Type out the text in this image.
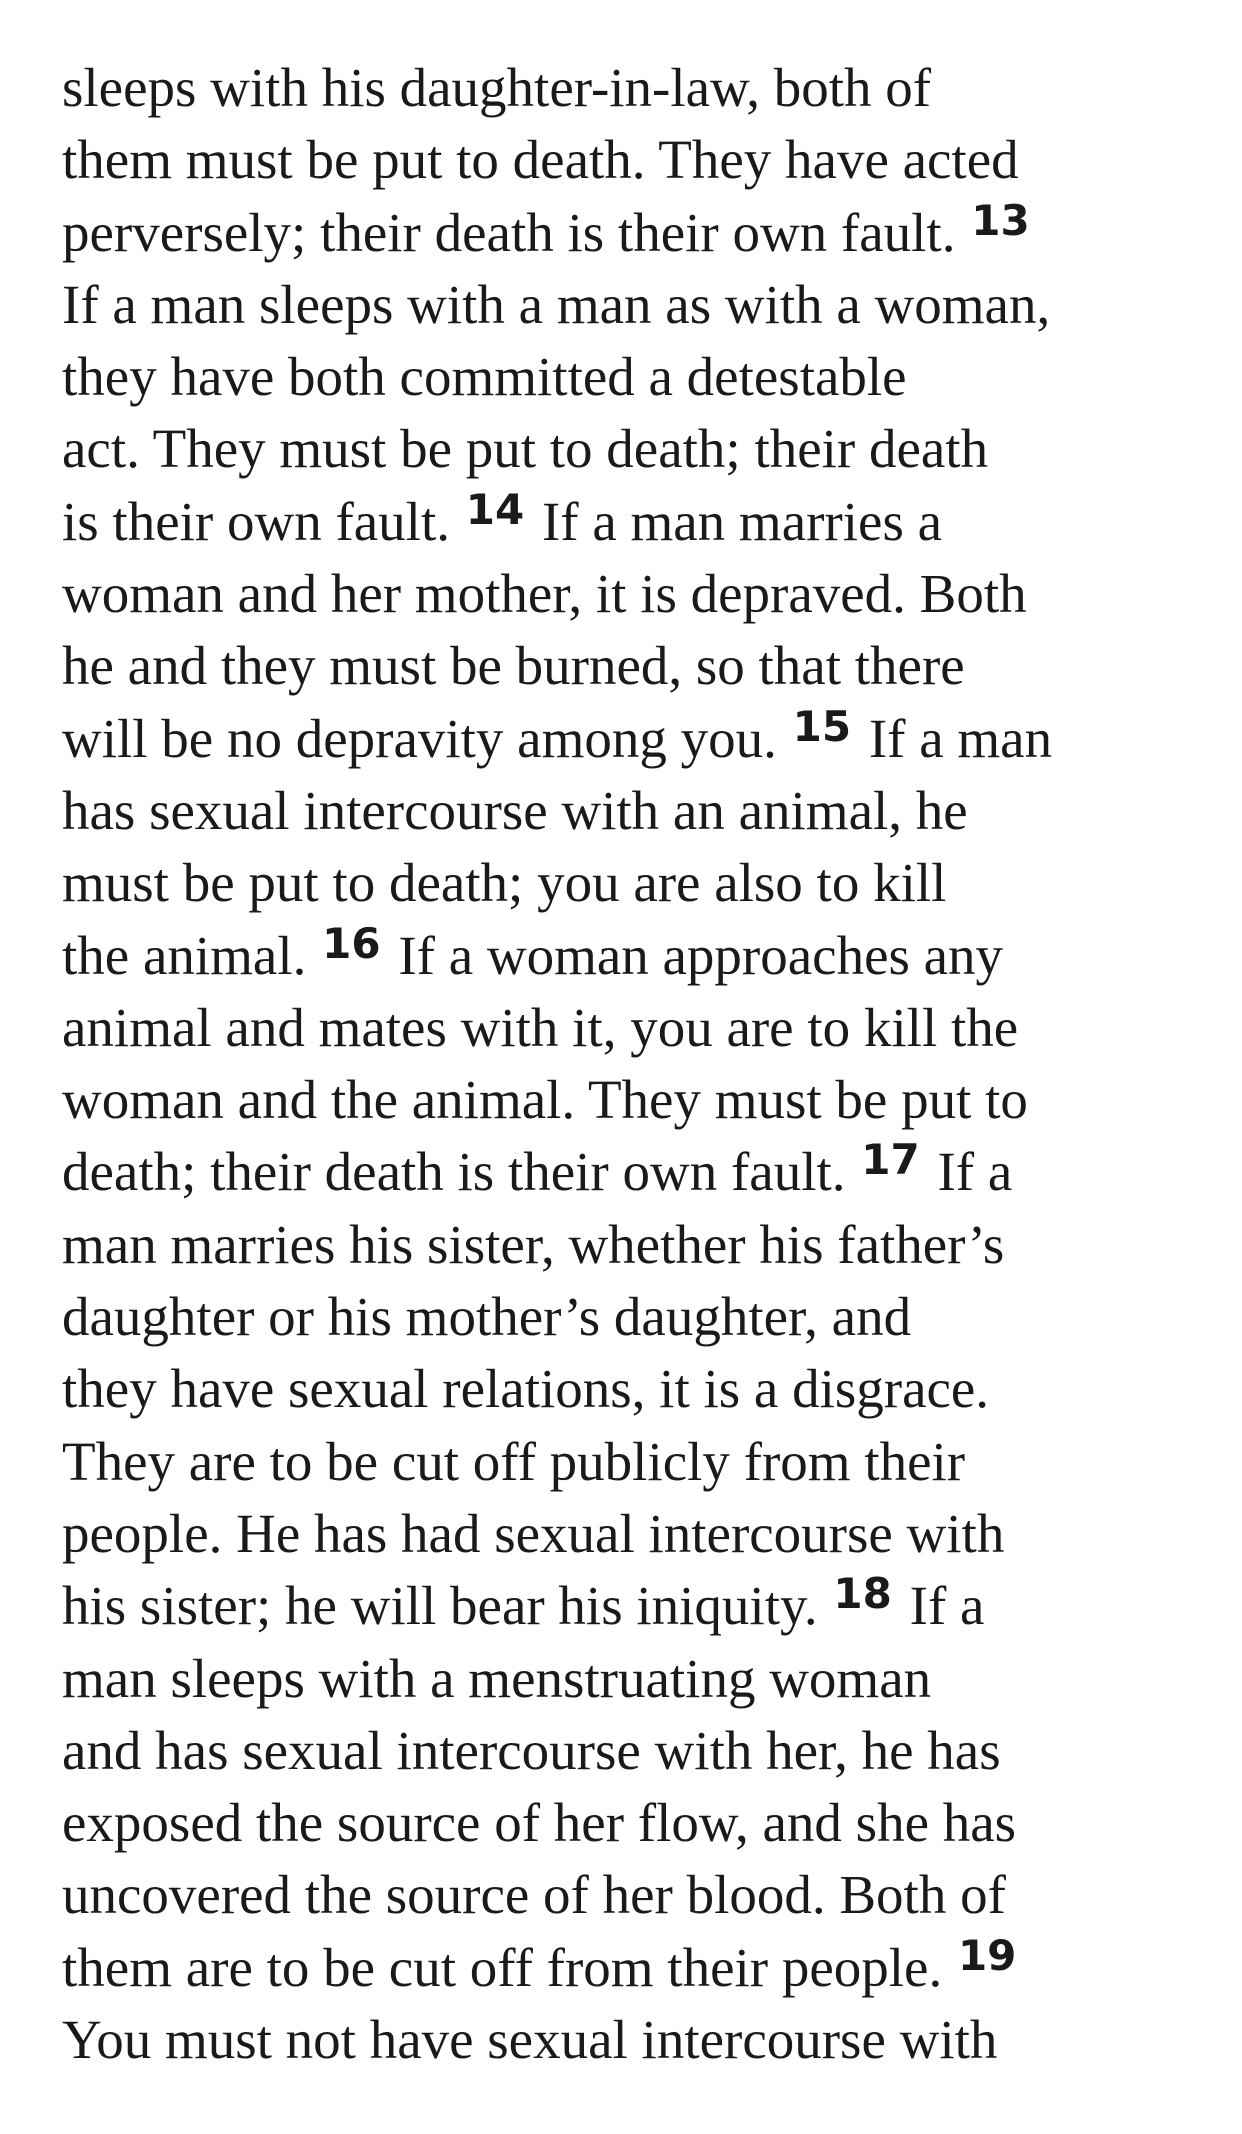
sleeps with his daughter-in-law, both of
them must be put to death. They have acted
perversely; their death is their own fault. $^{13}$
If a man sleeps with a man as with a woman,
they have both committed a detestable
act. They must be put to death; their death
is their own fault. $^{14}$ If a man marries a
woman and her mother, it is depraved. Both
he and they must be burned, so that there
will be no depravity among you. $^{15}$ If a man
has sexual intercourse with an animal, he
must be put to death; you are also to kill
the animal. $^{16}$ If a woman approaches any
animal and mates with it, you are to kill the
woman and the animal. They must be put to
death; their death is their own fault. $^{17}$ If a
man marries his sister, whether his father’s
daughter or his mother’s daughter, and
they have sexual relations, it is a disgrace.
They are to be cut off publicly from their
people. He has had sexual intercourse with
his sister; he will bear his iniquity. $^{18}$ If a
man sleeps with a menstruating woman
and has sexual intercourse with her, he has
exposed the source of her flow, and she has
uncovered the source of her blood. Both of
them are to be cut off from their people. $^{19}$
You must not have sexual intercourse with
